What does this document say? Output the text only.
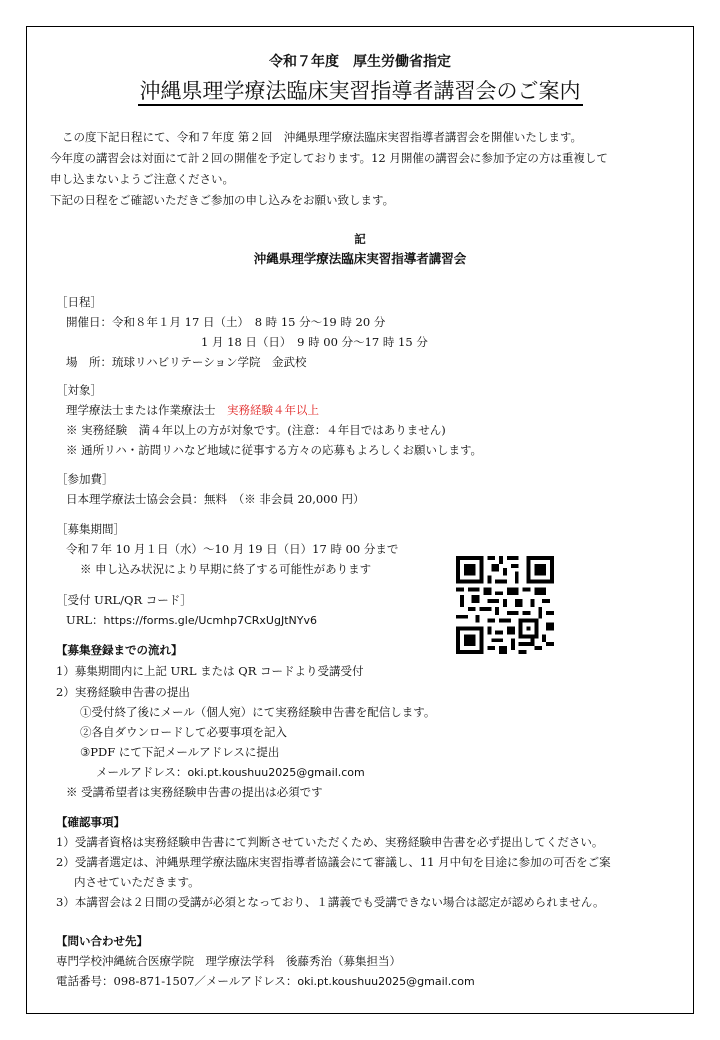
令和７年度　厚生労働省指定
沖縄県理学療法臨床実習指導者講習会のご案内
この度下記日程にて、令和７年度 第２回　沖縄県理学療法臨床実習指導者講習会を開催いたします。
今年度の講習会は対面にて計２回の開催を予定しております。12 月開催の講習会に参加予定の方は重複して
申し込まないようご注意ください。
下記の日程をご確認いただきご参加の申し込みをお願い致します。
記
沖縄県理学療法臨床実習指導者講習会
［日程］
開催日：令和８年１月 17 日（土）　8 時 15 分～19 時 20 分
1 月 18 日（日）　9 時 00 分～17 時 15 分
場　所：琉球リハビリテーション学院　金武校
［対象］
理学療法士または作業療法士　実務経験４年以上
※ 実務経験　満４年以上の方が対象です。(注意：４年目ではありません)
※ 通所リハ・訪問リハなど地域に従事する方々の応募もよろしくお願いします。
［参加費］
日本理学療法士協会会員：無料　（※ 非会員 20,000 円）
［募集期間］
令和７年 10 月１日（水）～10 月 19 日（日）17 時 00 分まで
※ 申し込み状況により早期に終了する可能性があります
［受付 URL/QR コード］
URL：https://forms.gle/Ucmhp7CRxUgJtNYv6
【募集登録までの流れ】
1）募集期間内に上記 URL または QR コードより受講受付
2）実務経験申告書の提出
①受付終了後にメール（個人宛）にて実務経験申告書を配信します。
②各自ダウンロードして必要事項を記入
③PDF にて下記メールアドレスに提出
メールアドレス：oki.pt.koushuu2025@gmail.com
※ 受講希望者は実務経験申告書の提出は必須です
【確認事項】
1）受講者資格は実務経験申告書にて判断させていただくため、実務経験申告書を必ず提出してください。
2）受講者選定は、沖縄県理学療法臨床実習指導者協議会にて審議し、11 月中旬を目途に参加の可否をご案
内させていただきます。
3）本講習会は２日間の受講が必須となっており、１講義でも受講できない場合は認定が認められません。
【問い合わせ先】
専門学校沖縄統合医療学院　理学療法学科　後藤秀治（募集担当）
電話番号：098-871-1507／メールアドレス：oki.pt.koushuu2025@gmail.com
